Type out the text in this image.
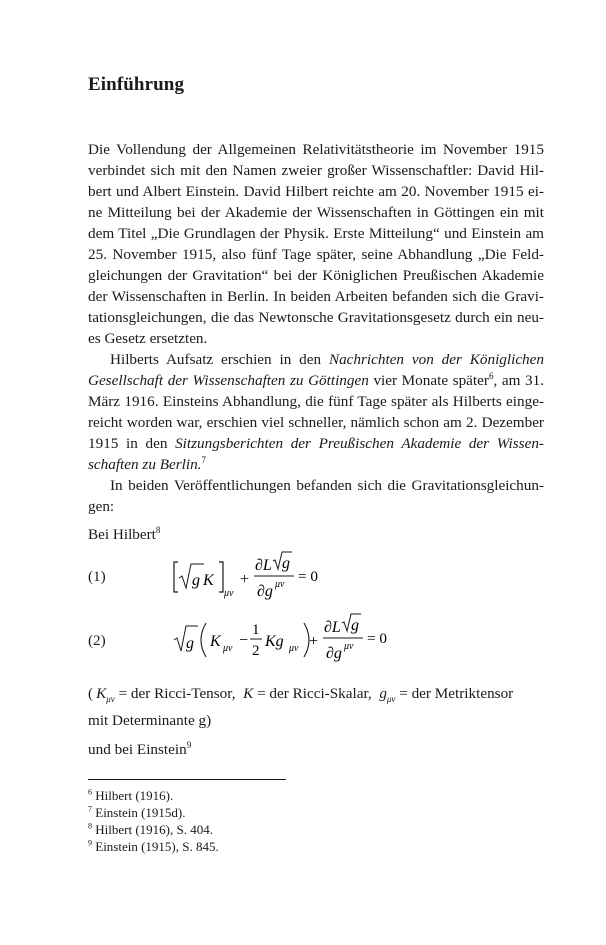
Einführung

Die Vollendung der Allgemeinen Relativitätstheorie im November 1915
verbindet sich mit den Namen zweier großer Wissenschaftler: David Hil-
bert und Albert Einstein. David Hilbert reichte am 20. November 1915 ei-
ne Mitteilung bei der Akademie der Wissenschaften in Göttingen ein mit
dem Titel „Die Grundlagen der Physik. Erste Mitteilung“ und Einstein am
25. November 1915, also fünf Tage später, seine Abhandlung „Die Feld-
gleichungen der Gravitation“ bei der Königlichen Preußischen Akademie
der Wissenschaften in Berlin. In beiden Arbeiten befanden sich die Gravi-
tationsgleichungen, die das Newtonsche Gravitationsgesetz durch ein neu-
es Gesetz ersetzten.

Hilberts Aufsatz erschien in den Nachrichten von der Königlichen
Gesellschaft der Wissenschaften zu Göttingen vier Monate später$^6$, am 31.
März 1916. Einsteins Abhandlung, die fünf Tage später als Hilberts einge-
reicht worden war, erschien viel schneller, nämlich schon am 2. Dezember
1915 in den Sitzungsberichten der Preußischen Akademie der Wissen-
schaften zu Berlin.$^7$

In beiden Veröffentlichungen befanden sich die Gravitationsgleichun-
gen:

Bei Hilbert$^8$
(1)	g K
μν
+
∂L g
∂g μν = 0
(2)	g K μν −
1
2
Kg μν +
∂L g
∂g μν = 0
( $K_{\mu\nu}$ = der Ricci-Tensor, K = der Ricci-Skalar, $g_{\mu\nu}$ = der Metriktensor
mit Determinante g)
und bei Einstein$^9$
$^6$ Hilbert (1916).
$^7$ Einstein (1915d).
$^8$ Hilbert (1916), S. 404.
$^9$ Einstein (1915), S. 845.
